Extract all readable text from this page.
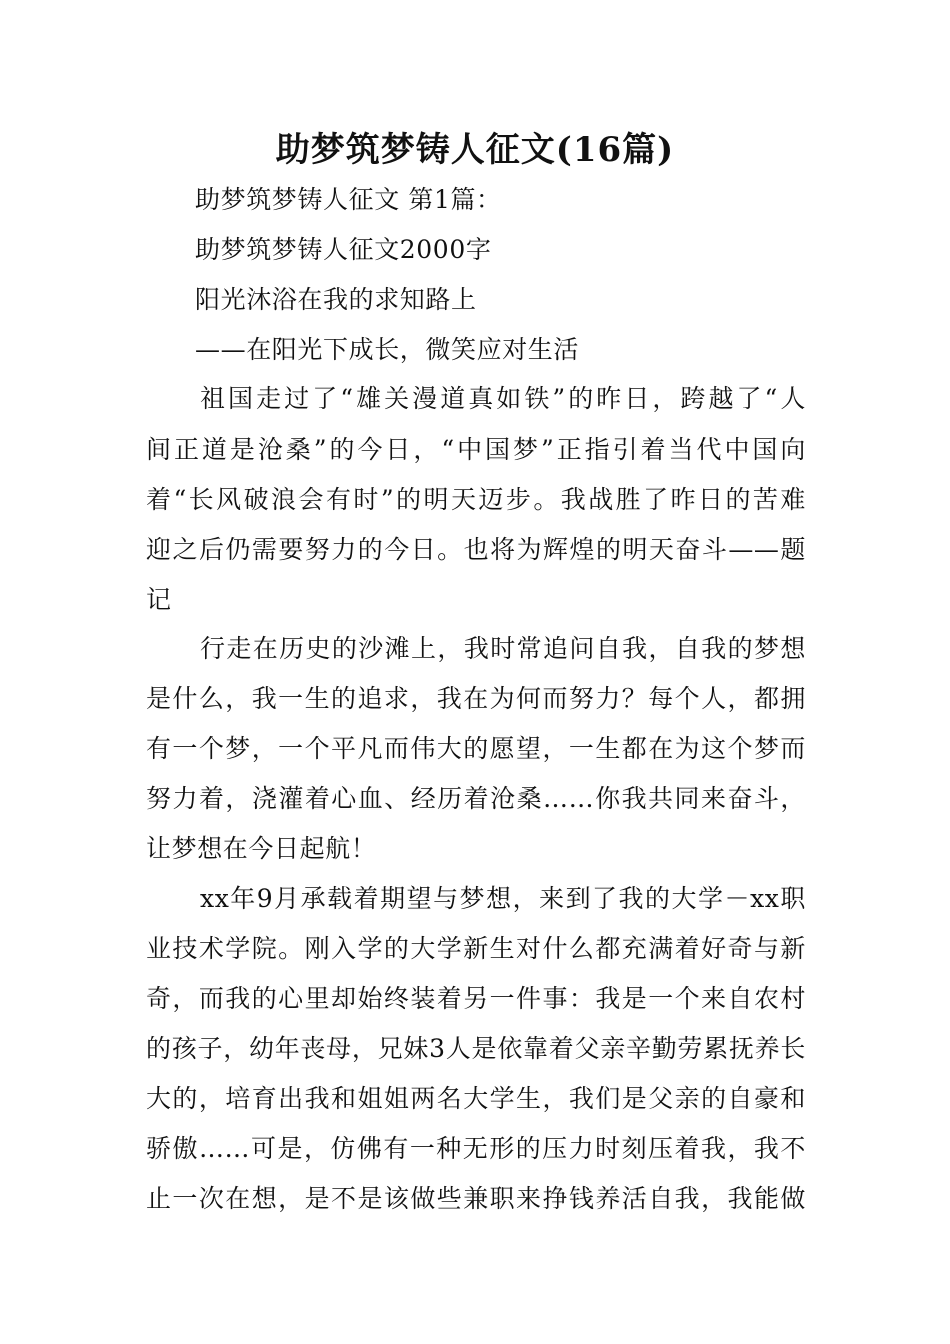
助梦筑梦铸人征文(16篇)
助梦筑梦铸人征文 第1篇：
助梦筑梦铸人征文2000字
阳光沐浴在我的求知路上
——在阳光下成长，微笑应对生活
祖国走过了“雄关漫道真如铁”的昨日，跨越了“人
间正道是沧桑”的今日，“中国梦”正指引着当代中国向
着“长风破浪会有时”的明天迈步。我战胜了昨日的苦难
迎之后仍需要努力的今日。也将为辉煌的明天奋斗——题
记
行走在历史的沙滩上，我时常追问自我，自我的梦想
是什么，我一生的追求，我在为何而努力？每个人，都拥
有一个梦，一个平凡而伟大的愿望，一生都在为这个梦而
努力着，浇灌着心血、经历着沧桑……你我共同来奋斗，
让梦想在今日起航！
xx年9月承载着期望与梦想，来到了我的大学－xx职
业技术学院。刚入学的大学新生对什么都充满着好奇与新
奇，而我的心里却始终装着另一件事：我是一个来自农村
的孩子，幼年丧母，兄妹3人是依靠着父亲辛勤劳累抚养长
大的，培育出我和姐姐两名大学生，我们是父亲的自豪和
骄傲……可是，仿佛有一种无形的压力时刻压着我，我不
止一次在想，是不是该做些兼职来挣钱养活自我，我能做
